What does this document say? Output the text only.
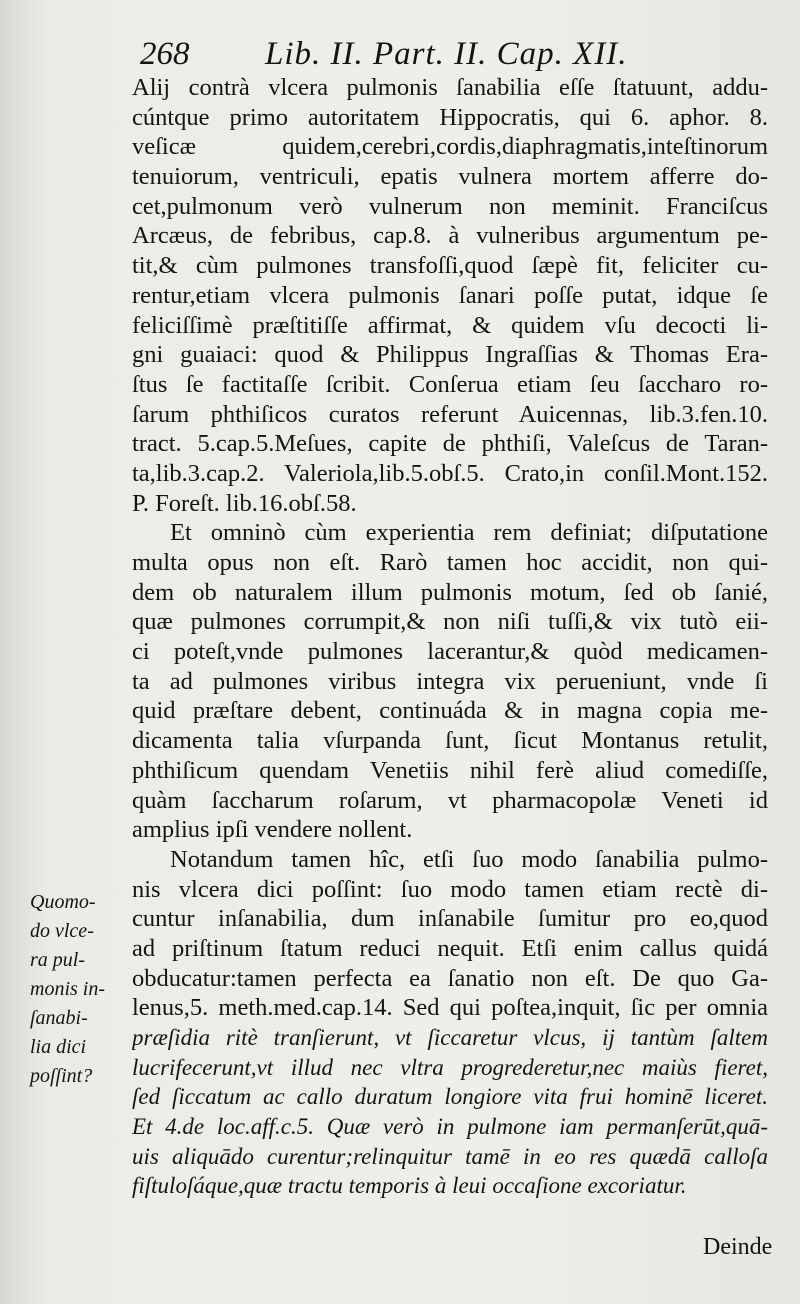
268 Lib. II. Part. II. Cap. XII.
Alij contrà vlcera pulmonis ſanabilia eſſe ſtatuunt, addu-
cúntque primo autoritatem Hippocratis, qui 6. aphor. 8.
veſicæ quidem,cerebri,cordis,diaphragmatis,inteſtinorum
tenuiorum, ventriculi, epatis vulnera mortem afferre do-
cet,pulmonum verò vulnerum non meminit. Franciſcus
Arcæus, de febribus, cap.8. à vulneribus argumentum pe-
tit,& cùm pulmones transfoſſi,quod ſæpè fit, feliciter cu-
rentur,etiam vlcera pulmonis ſanari poſſe putat, idque ſe
feliciſſimè præſtitiſſe affirmat, & quidem vſu decocti li-
gni guaiaci: quod & Philippus Ingraſſias & Thomas Era-
ſtus ſe factitaſſe ſcribit. Conſerua etiam ſeu ſaccharo ro-
ſarum phthiſicos curatos referunt Auicennas, lib.3.fen.10.
tract. 5.cap.5.Meſues, capite de phthiſi, Valeſcus de Taran-
ta,lib.3.cap.2. Valeriola,lib.5.obſ.5. Crato,in conſil.Mont.152.
P. Foreſt. lib.16.obſ.58.
Et omninò cùm experientia rem definiat; diſputatione
multa opus non eſt. Rarò tamen hoc accidit, non qui-
dem ob naturalem illum pulmonis motum, ſed ob ſanié,
quæ pulmones corrumpit,& non niſi tuſſi,& vix tutò eii-
ci poteſt,vnde pulmones lacerantur,& quòd medicamen-
ta ad pulmones viribus integra vix perueniunt, vnde ſi
quid præſtare debent, continuáda & in magna copia me-
dicamenta talia vſurpanda ſunt, ſicut Montanus retulit,
phthiſicum quendam Venetiis nihil ferè aliud comediſſe,
quàm ſaccharum roſarum, vt pharmacopolæ Veneti id
amplius ipſi vendere nollent.
Notandum tamen hîc, etſi ſuo modo ſanabilia pulmo-
nis vlcera dici poſſint: ſuo modo tamen etiam rectè di-
cuntur inſanabilia, dum inſanabile ſumitur pro eo,quod
ad priſtinum ſtatum reduci nequit. Etſi enim callus quidá
obducatur:tamen perfecta ea ſanatio non eſt. De quo Ga-
lenus,5. meth.med.cap.14. Sed qui poſtea,inquit, ſic per omnia
præſidia ritè tranſierunt, vt ſiccaretur vlcus, ij tantùm ſaltem
lucrifecerunt,vt illud nec vltra progrederetur,nec maiùs fieret,
ſed ſiccatum ac callo duratum longiore vita frui hominē liceret.
Et 4.de loc.aff.c.5. Quæ verò in pulmone iam permanſerūt,quā-
uis aliquādo curentur;relinquitur tamē in eo res quædā calloſa
fiſtuloſáque,quæ tractu temporis à leui occaſione excoriatur.
Quomo-
do vlce-
ra pul-
monis in-
ſanabi-
lia dici
poſſint?
Deinde
